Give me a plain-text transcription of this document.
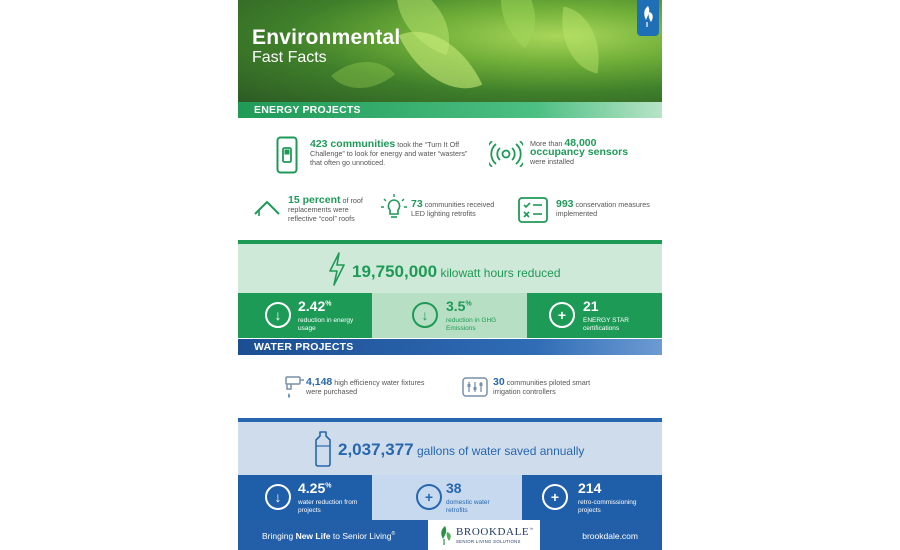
Environmental
Fast Facts
ENERGY PROJECTS
423 communities took the “Turn It Off Challenge” to look for energy and water “wasters” that often go unnoticed.
More than 48,000 occupancy sensors
were installed
15 percent of roof replacements were reflective “cool” roofs
73 communities received LED lighting retrofits
993 conservation measures implemented
19,750,000 kilowatt hours reduced
↓
2.42%
reduction in energy usage
↓
3.5%
reduction in GHG Emissions
+
21
ENERGY STAR certifications
WATER PROJECTS
4,148 high efficiency water fixtures were purchased
30 communities piloted smart irrigation controllers
2,037,377 gallons of water saved annually
↓
4.25%
water reduction from projects
+
38
domestic water retrofits
+
214
retro-commissioning projects
Bringing New Life to Senior Living®	BROOKDALE™
SENIOR LIVING SOLUTIONS
brookdale.com
